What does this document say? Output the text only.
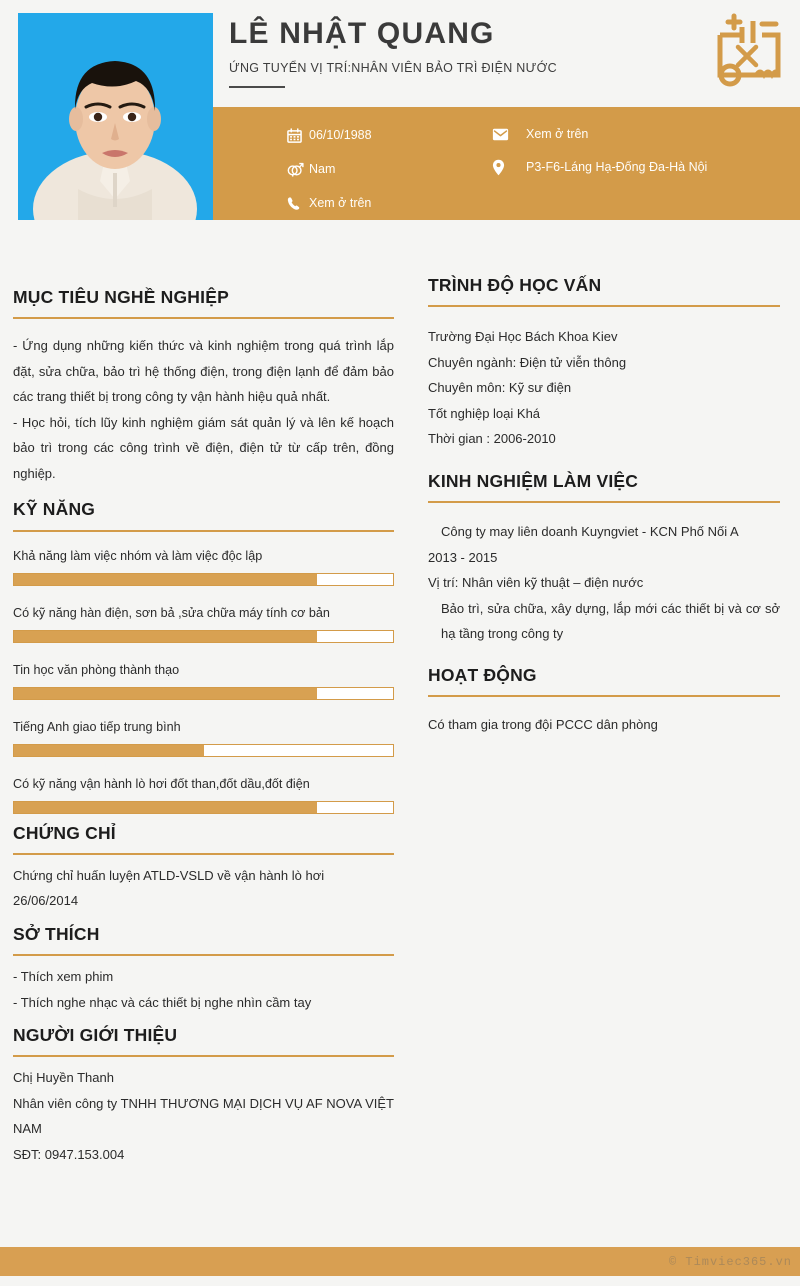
LÊ NHẬT QUANG
ỨNG TUYỂN VỊ TRÍ:NHÂN VIÊN BẢO TRÌ ĐIỆN NƯỚC
06/10/1988
Nam
Xem ở trên
Xem ở trên
P3-F6-Láng Hạ-Đống Đa-Hà Nội
MỤC TIÊU NGHỀ NGHIỆP
- Ứng dụng những kiến thức và kinh nghiệm trong quá trình lắp đặt, sửa chữa, bảo trì hệ thống điện, trong điện lạnh để đảm bảo các trang thiết bị trong công ty vận hành hiệu quả nhất.
- Học hỏi, tích lũy kinh nghiệm giám sát quản lý và lên kế hoạch bảo trì trong các công trình về điện, điện tử từ cấp trên, đồng nghiệp.
KỸ NĂNG
Khả năng làm việc nhóm và làm việc độc lập
Có kỹ năng hàn điện, sơn bả ,sửa chữa máy tính cơ bản
Tin học văn phòng thành thạo
Tiếng Anh giao tiếp trung bình
Có kỹ năng vận hành lò hơi đốt than,đốt dầu,đốt điện
CHỨNG CHỈ
Chứng chỉ huấn luyện ATLD-VSLD về vận hành lò hơi
26/06/2014
SỞ THÍCH
- Thích xem phim
- Thích nghe nhạc và các thiết bị nghe nhìn cầm tay
NGƯỜI GIỚI THIỆU
Chị Huyền Thanh
Nhân viên công ty TNHH THƯƠNG MẠI DỊCH VỤ AF NOVA VIỆT NAM
SĐT: 0947.153.004
TRÌNH ĐỘ HỌC VẤN
Trường Đại Học Bách Khoa Kiev
Chuyên ngành: Điện tử viễn thông
Chuyên môn: Kỹ sư điện
Tốt nghiệp loại Khá
Thời gian : 2006-2010
KINH NGHIỆM LÀM VIỆC
Công ty may liên doanh Kuyngviet - KCN Phố Nối A
2013 - 2015
Vị trí: Nhân viên kỹ thuật – điện nước
Bảo trì, sửa chữa, xây dựng, lắp mới các thiết bị và cơ sở hạ tầng trong công ty
HOẠT ĐỘNG
Có tham gia trong đội PCCC dân phòng
© Timviec365.vn
